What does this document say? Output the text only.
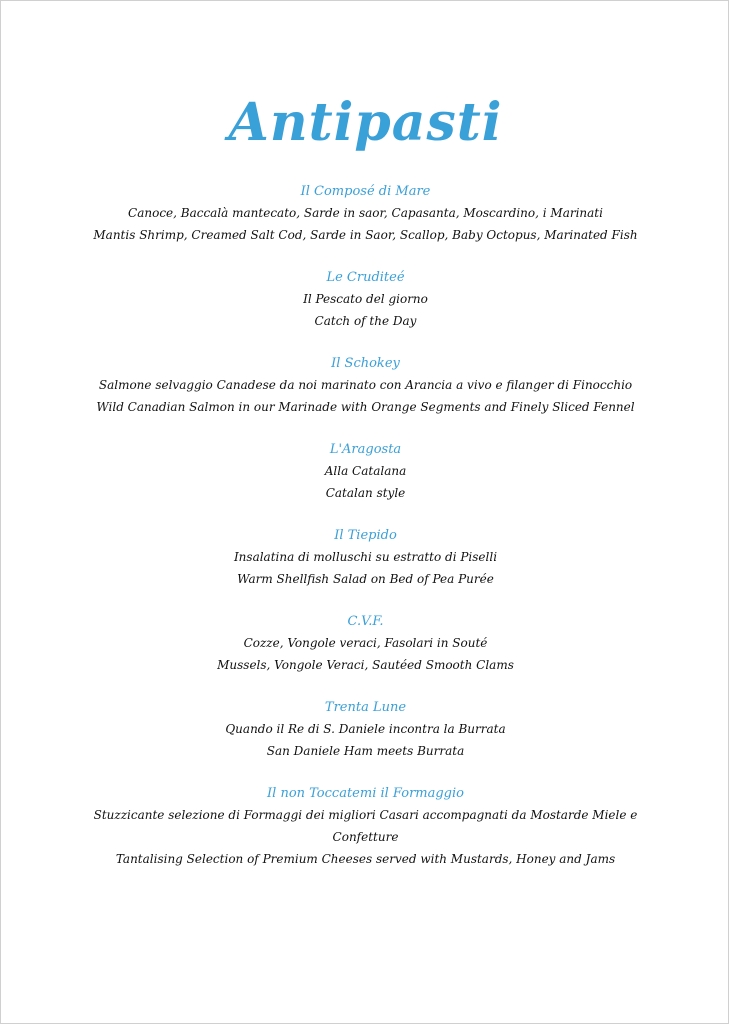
Antipasti

Il Composé di Mare

Canoce, Baccalà mantecato, Sarde in saor, Capasanta, Moscardino, i Marinati

Mantis Shrimp, Creamed Salt Cod, Sarde in Saor, Scallop, Baby Octopus, Marinated Fish

Le Cruditeé

Il Pescato del giorno

Catch of the Day

Il Schokey

Salmone selvaggio Canadese da noi marinato con Arancia a vivo e filanger di Finocchio

Wild Canadian Salmon in our Marinade with Orange Segments and Finely Sliced Fennel

L'Aragosta

Alla Catalana

Catalan style

Il Tiepido

Insalatina di molluschi su estratto di Piselli

Warm Shellfish Salad on Bed of Pea Purée

C.V.F.

Cozze, Vongole veraci, Fasolari in Souté

Mussels, Vongole Veraci, Sautéed Smooth Clams

Trenta Lune

Quando il Re di S. Daniele incontra la Burrata

San Daniele Ham meets Burrata

Il non Toccatemi il Formaggio

Stuzzicante selezione di Formaggi dei migliori Casari accompagnati da Mostarde Miele e Confetture

Tantalising Selection of Premium Cheeses served with Mustards, Honey and Jams
